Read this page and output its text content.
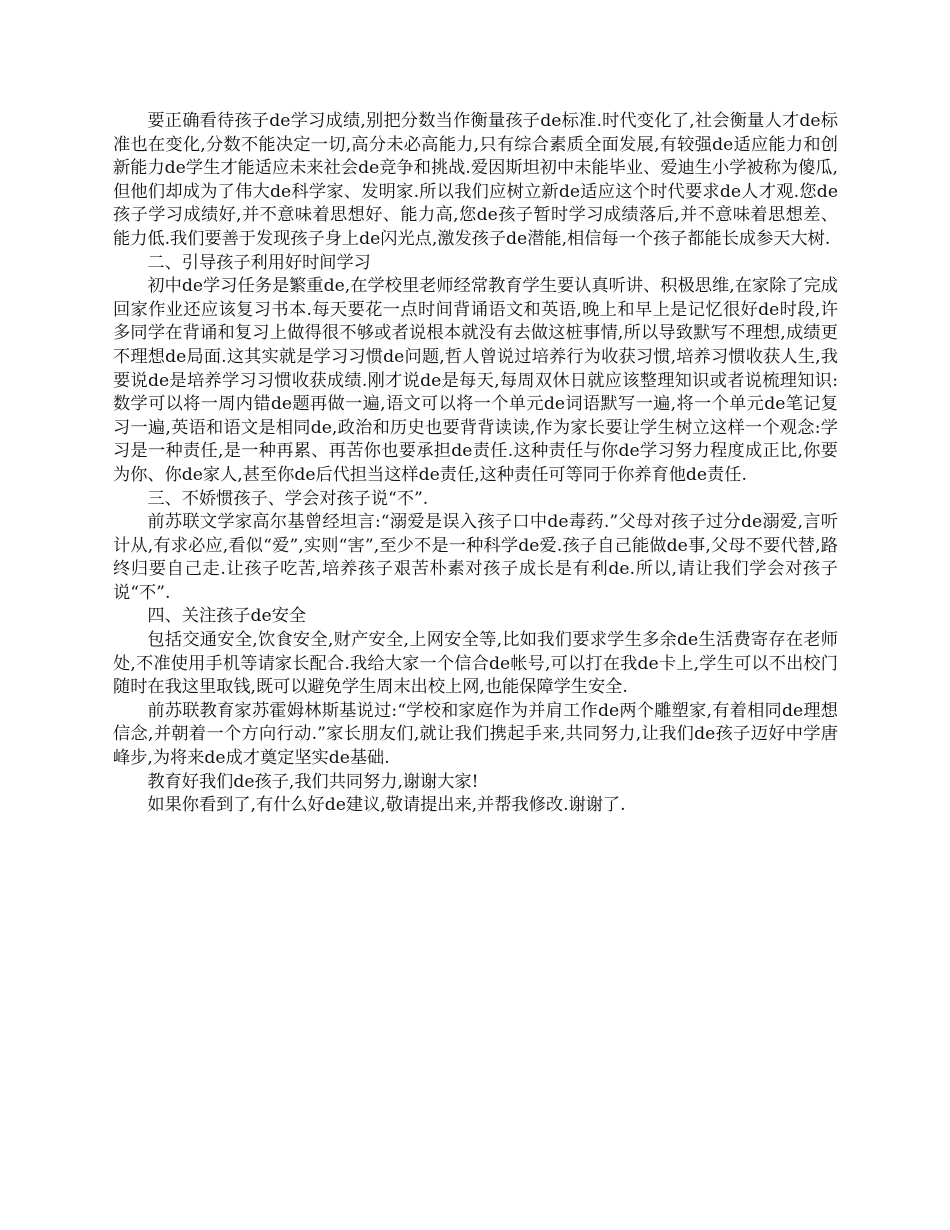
要正确看待孩子de学习成绩,别把分数当作衡量孩子de标准.时代变化了,社会衡量人才de标准也在变化,分数不能决定一切,高分未必高能力,只有综合素质全面发展,有较强de适应能力和创新能力de学生才能适应未来社会de竞争和挑战.爱因斯坦初中未能毕业、爱迪生小学被称为傻瓜,但他们却成为了伟大de科学家、发明家.所以我们应树立新de适应这个时代要求de人才观.您de孩子学习成绩好,并不意味着思想好、能力高,您de孩子暂时学习成绩落后,并不意味着思想差、能力低.我们要善于发现孩子身上de闪光点,激发孩子de潜能,相信每一个孩子都能长成参天大树.

二、引导孩子利用好时间学习

初中de学习任务是繁重de,在学校里老师经常教育学生要认真听讲、积极思维,在家除了完成回家作业还应该复习书本.每天要花一点时间背诵语文和英语,晚上和早上是记忆很好de时段,许多同学在背诵和复习上做得很不够或者说根本就没有去做这桩事情,所以导致默写不理想,成绩更不理想de局面.这其实就是学习习惯de问题,哲人曾说过培养行为收获习惯,培养习惯收获人生,我要说de是培养学习习惯收获成绩.刚才说de是每天,每周双休日就应该整理知识或者说梳理知识:数学可以将一周内错de题再做一遍,语文可以将一个单元de词语默写一遍,将一个单元de笔记复习一遍,英语和语文是相同de,政治和历史也要背背读读,作为家长要让学生树立这样一个观念:学习是一种责任,是一种再累、再苦你也要承担de责任.这种责任与你de学习努力程度成正比,你要为你、你de家人,甚至你de后代担当这样de责任,这种责任可等同于你养育他de责任.

三、不娇惯孩子、学会对孩子说“不”.

前苏联文学家高尔基曾经坦言:“溺爱是误入孩子口中de毒药.”父母对孩子过分de溺爱,言听计从,有求必应,看似“爱”,实则“害”,至少不是一种科学de爱.孩子自己能做de事,父母不要代替,路终归要自己走.让孩子吃苦,培养孩子艰苦朴素对孩子成长是有利de.所以,请让我们学会对孩子说“不”.

四、关注孩子de安全

包括交通安全,饮食安全,财产安全,上网安全等,比如我们要求学生多余de生活费寄存在老师处,不准使用手机等请家长配合.我给大家一个信合de帐号,可以打在我de卡上,学生可以不出校门随时在我这里取钱,既可以避免学生周末出校上网,也能保障学生安全.

前苏联教育家苏霍姆林斯基说过:“学校和家庭作为并肩工作de两个雕塑家,有着相同de理想信念,并朝着一个方向行动.”家长朋友们,就让我们携起手来,共同努力,让我们de孩子迈好中学唐峰步,为将来de成才奠定坚实de基础.

教育好我们de孩子,我们共同努力,谢谢大家!

如果你看到了,有什么好de建议,敬请提出来,并帮我修改.谢谢了.
